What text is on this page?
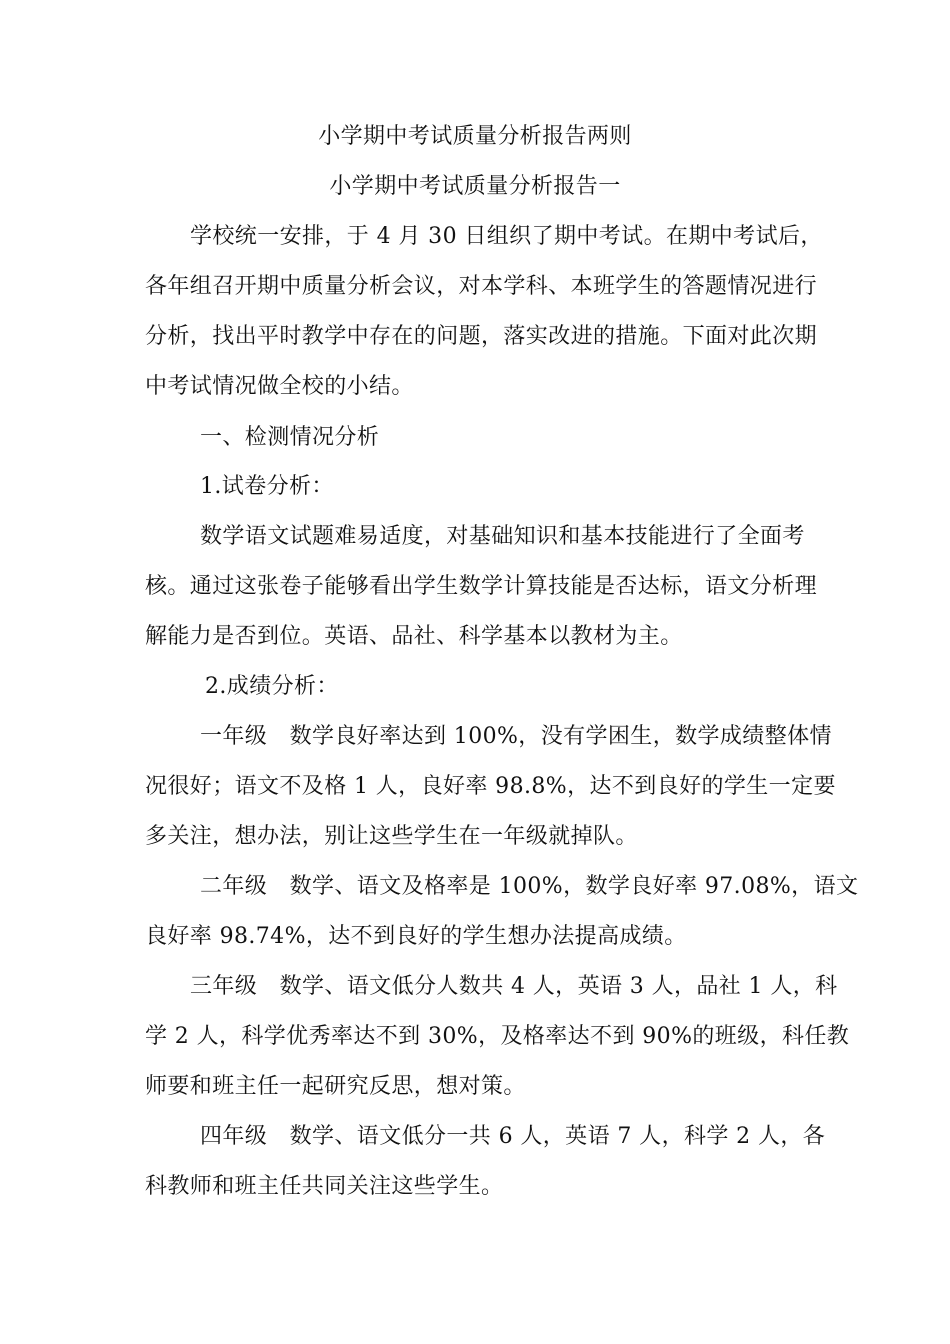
小学期中考试质量分析报告两则
小学期中考试质量分析报告一
学校统一安排，于 4 月 30 日组织了期中考试。在期中考试后，
各年组召开期中质量分析会议，对本学科、本班学生的答题情况进行
分析，找出平时教学中存在的问题，落实改进的措施。下面对此次期
中考试情况做全校的小结。
一、检测情况分析
1.试卷分析：
数学语文试题难易适度，对基础知识和基本技能进行了全面考
核。通过这张卷子能够看出学生数学计算技能是否达标，语文分析理
解能力是否到位。英语、品社、科学基本以教材为主。
2.成绩分析：
一年级　数学良好率达到 100%，没有学困生，数学成绩整体情
况很好；语文不及格 1 人，良好率 98.8%，达不到良好的学生一定要
多关注，想办法，别让这些学生在一年级就掉队。
二年级　数学、语文及格率是 100%，数学良好率 97.08%，语文
良好率 98.74%，达不到良好的学生想办法提高成绩。
三年级　数学、语文低分人数共 4 人，英语 3 人，品社 1 人，科
学 2 人，科学优秀率达不到 30%，及格率达不到 90%的班级，科任教
师要和班主任一起研究反思，想对策。
四年级　数学、语文低分一共 6 人，英语 7 人，科学 2 人，各
科教师和班主任共同关注这些学生。
